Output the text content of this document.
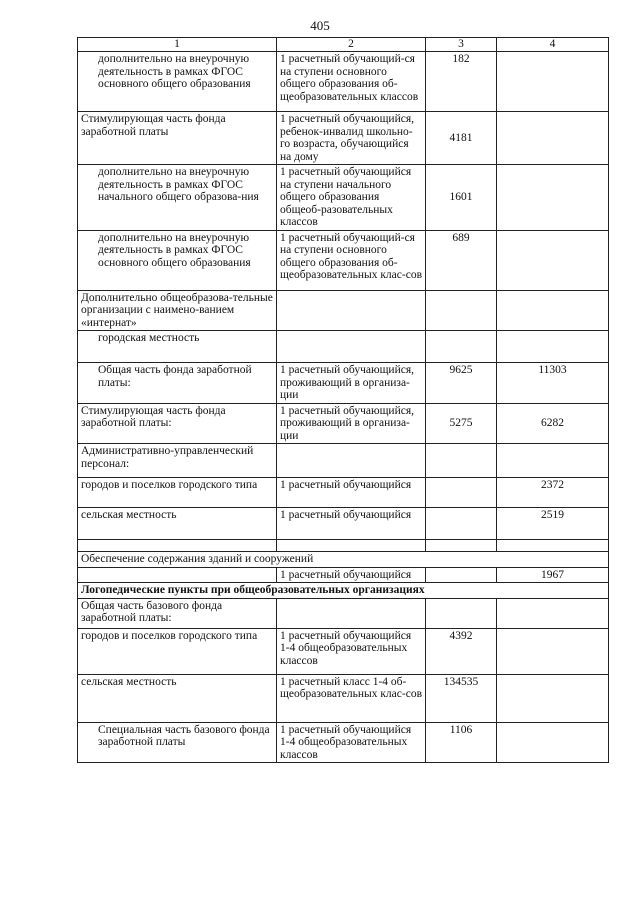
405
1	2	3	4
дополнительно на внеурочную деятельность в рамках ФГОС основного общего образования	1 расчетный обучающий-ся на ступени основного общего образования об-щеобразовательных классов	182	
Стимулирующая часть фонда заработной платы	1 расчетный обучающийся, ребенок-инвалид школьно-го возраста, обучающийся на дому	4181	
дополнительно на внеурочную деятельность в рамках ФГОС начального общего образова-ния	1 расчетный обучающийся на ступени начального общего образования общеоб-разовательных классов	1601	
дополнительно на внеурочную деятельность в рамках ФГОС основного общего образования	1 расчетный обучающий-ся на ступени основного общего образования об-щеобразовательных клас-сов	689	
Дополнительно общеобразова-тельные организации с наимено-ванием «интернат»			
городская местность			
Общая часть фонда заработной платы:	1 расчетный обучающийся, проживающий в организа-ции	9625	11303
Стимулирующая часть фонда заработной платы:	1 расчетный обучающийся, проживающий в организа-ции	5275	6282
Административно-управленческий персонал:			
городов и поселков городского типа	1 расчетный обучающийся		2372
сельская местность	1 расчетный обучающийся		2519

Обеспечение содержания зданий и сооружений			
	1 расчетный обучающийся		1967
Логопедические пункты при общеобразовательных организациях			
Общая часть базового фонда заработной платы:			
городов и поселков городского типа	1 расчетный обучающийся 1-4 общеобразовательных классов	4392	
сельская местность	1 расчетный класс 1-4 об-щеобразовательных клас-сов	134535	
Специальная часть базового фонда заработной платы	1 расчетный обучающийся 1-4 общеобразовательных классов	1106	
